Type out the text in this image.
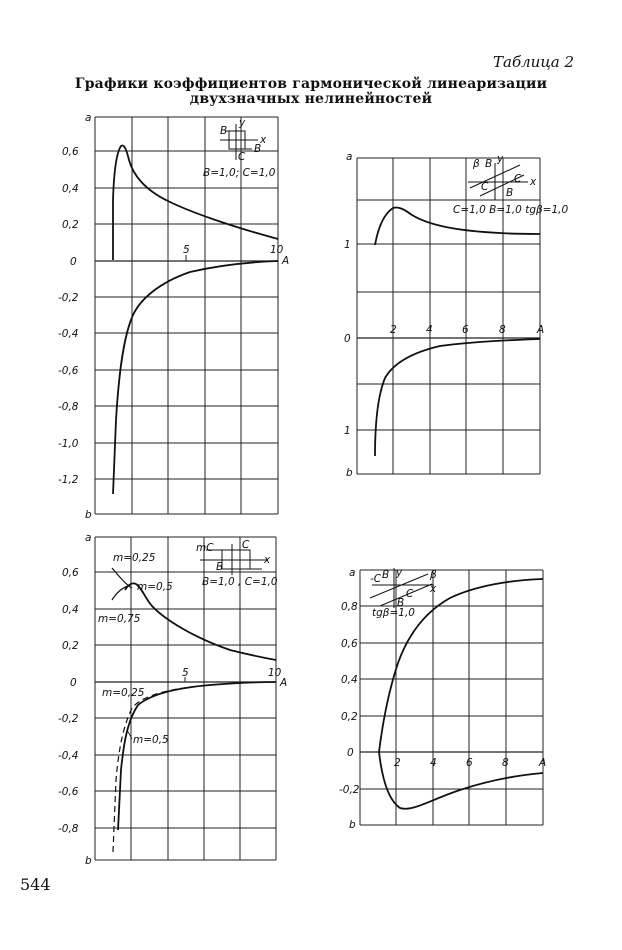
Таблица 2
Графики коэффициентов гармонической линеаризации
двухзначных нелинейностей
544
a
b
A
0,6
0,4
0,2
0
-0,2
-0,4
-0,6
-0,8
-1,0
-1,2
5	10
y
x
B
B
C
B=1,0; C=1,0
a
b
A
1
0
1
2	4	6	8
β B y
C
C
B
x
C=1,0 B=1,0 tgβ=1,0
a
b
A
0,6
0,4
0,2
0
-0,2
-0,4
-0,6
-0,8
5	10
m=0,25
m=0,5
m=0,75
m=0,25
m=0,5
mC	C
x
B
B=1,0 , C=1,0
a
b
A
0,8
0,6
0,4
0,2
0
-0,2
2	4	6	8
-C B y	β
x
C
B
tgβ=1,0
